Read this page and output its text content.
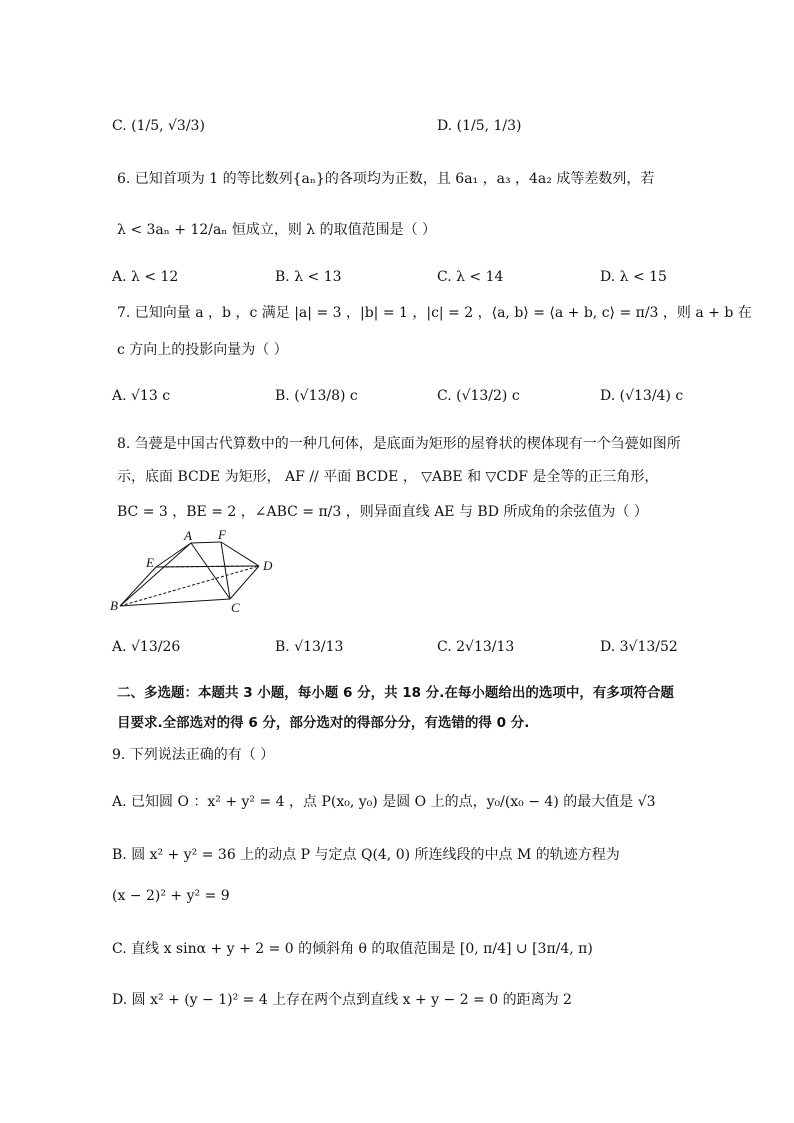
C. (1/5, √3/3)	D. (1/5, 1/3)
6. 已知首项为 1 的等比数列{aₙ}的各项均为正数，且 6a₁ ，a₃ ，4a₂ 成等差数列，若
λ < 3aₙ + 12/aₙ 恒成立，则 λ 的取值范围是（ ）
A. λ < 12	B. λ < 13	C. λ < 14	D. λ < 15
7. 已知向量 a ，b ，c 满足 |a| = 3 ，|b| = 1 ，|c| = 2 ，⟨a, b⟩ = ⟨a + b, c⟩ = π/3 ，则 a + b 在
c 方向上的投影向量为（ ）
A. √13 c	B. (√13/8) c	C. (√13/2) c	D. (√13/4) c
8. 刍甍是中国古代算数中的一种几何体，是底面为矩形的屋脊状的楔体现有一个刍甍如图所
示，底面 BCDE 为矩形， AF // 平面 BCDE ， ▽ABE 和 ▽CDF 是全等的正三角形，
BC = 3 ，BE = 2 ，∠ABC = π/3 ，则异面直线 AE 与 BD 所成角的余弦值为（ ）
A F
E	D
B	C
A. √13/26	B. √13/13	C. 2√13/13	D. 3√13/52
二、多选题：本题共 3 小题，每小题 6 分，共 18 分.在每小题给出的选项中，有多项符合题
目要求.全部选对的得 6 分，部分选对的得部分分，有选错的得 0 分.
9. 下列说法正确的有（ ）
A. 已知圆 O ：x² + y² = 4 ，点 P(x₀, y₀) 是圆 O 上的点，y₀/(x₀ − 4) 的最大值是 √3
B. 圆 x² + y² = 36 上的动点 P 与定点 Q(4, 0) 所连线段的中点 M 的轨迹方程为
(x − 2)² + y² = 9
C. 直线 x sinα + y + 2 = 0 的倾斜角 θ 的取值范围是 [0, π/4] ∪ [3π/4, π)
D. 圆 x² + (y − 1)² = 4 上存在两个点到直线 x + y − 2 = 0 的距离为 2
